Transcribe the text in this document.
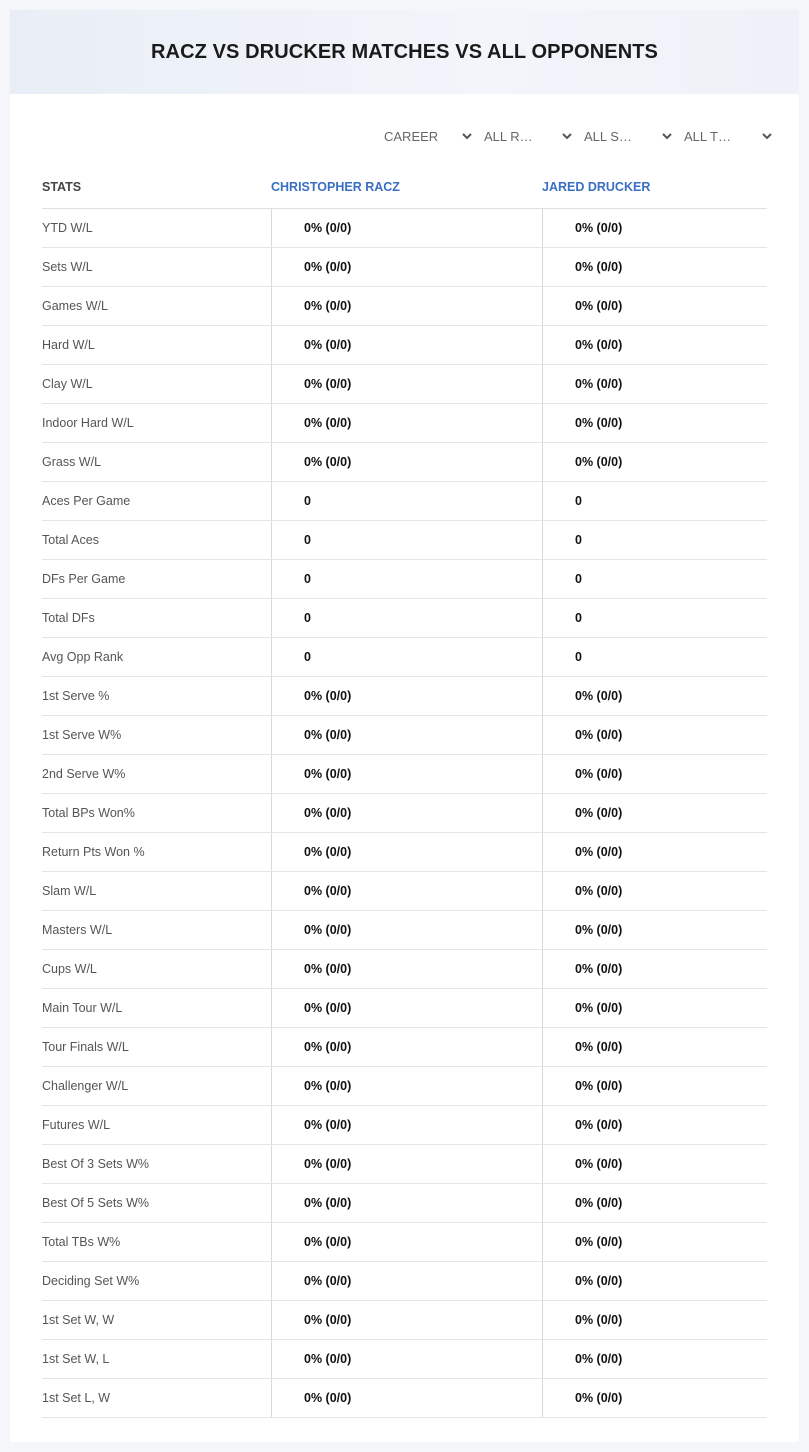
RACZ VS DRUCKER MATCHES VS ALL OPPONENTS
CAREER	ALL R…	ALL S…	ALL T…
STATS	CHRISTOPHER RACZ	JARED DRUCKER
YTD W/L	0% (0/0)	0% (0/0)
Sets W/L	0% (0/0)	0% (0/0)
Games W/L	0% (0/0)	0% (0/0)
Hard W/L	0% (0/0)	0% (0/0)
Clay W/L	0% (0/0)	0% (0/0)
Indoor Hard W/L	0% (0/0)	0% (0/0)
Grass W/L	0% (0/0)	0% (0/0)
Aces Per Game	0	0
Total Aces	0	0
DFs Per Game	0	0
Total DFs	0	0
Avg Opp Rank	0	0
1st Serve %	0% (0/0)	0% (0/0)
1st Serve W%	0% (0/0)	0% (0/0)
2nd Serve W%	0% (0/0)	0% (0/0)
Total BPs Won%	0% (0/0)	0% (0/0)
Return Pts Won %	0% (0/0)	0% (0/0)
Slam W/L	0% (0/0)	0% (0/0)
Masters W/L	0% (0/0)	0% (0/0)
Cups W/L	0% (0/0)	0% (0/0)
Main Tour W/L	0% (0/0)	0% (0/0)
Tour Finals W/L	0% (0/0)	0% (0/0)
Challenger W/L	0% (0/0)	0% (0/0)
Futures W/L	0% (0/0)	0% (0/0)
Best Of 3 Sets W%	0% (0/0)	0% (0/0)
Best Of 5 Sets W%	0% (0/0)	0% (0/0)
Total TBs W%	0% (0/0)	0% (0/0)
Deciding Set W%	0% (0/0)	0% (0/0)
1st Set W, W	0% (0/0)	0% (0/0)
1st Set W, L	0% (0/0)	0% (0/0)
1st Set L, W	0% (0/0)	0% (0/0)
